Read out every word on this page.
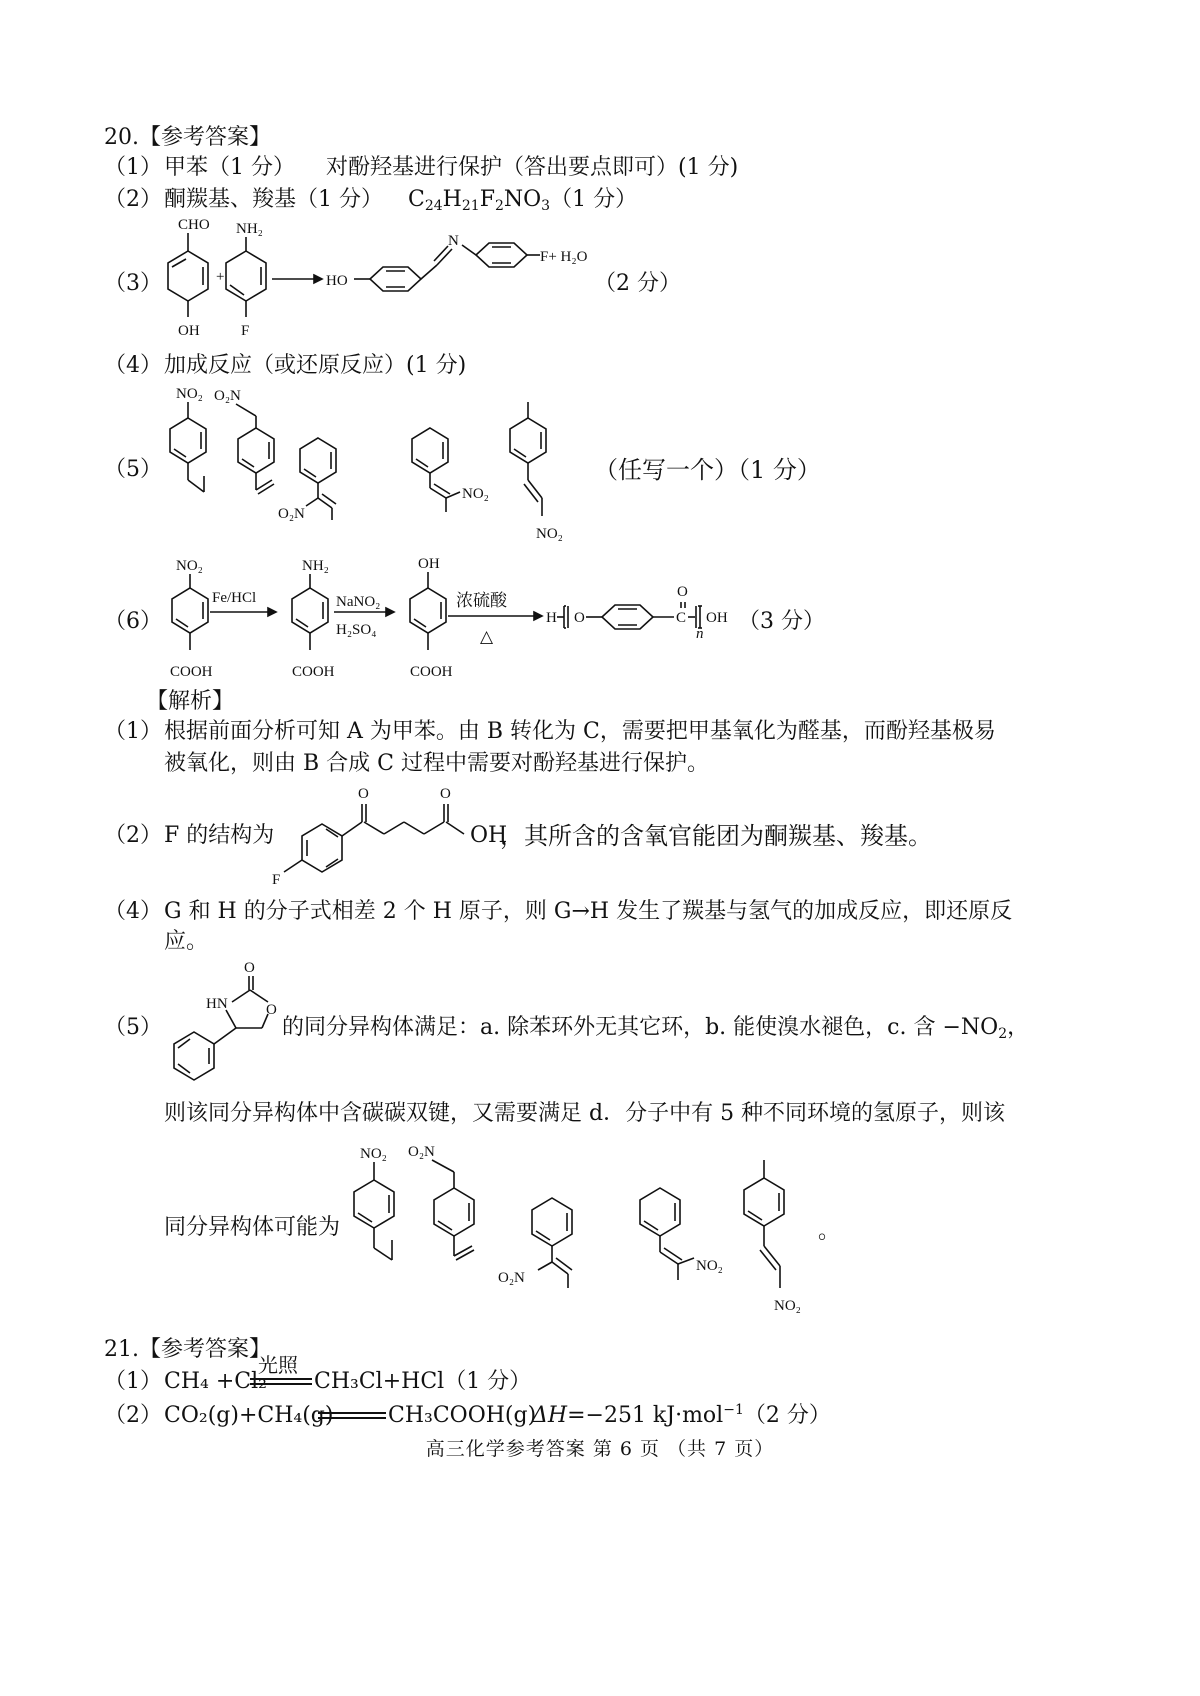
20.【参考答案】
（1） 甲苯（1 分） 对酚羟基进行保护（答出要点即可）(1 分)
（2） 酮羰基、羧基（1 分） $C_{24}H_{21}F_2NO_3(1$ 分）
（3）
CHO
OH
+
NH₂
F
HO
N
F+ H₂O
（2 分）
（4） 加成反应（或还原反应）(1 分)
（5）
NO₂ O₂N
O₂N
NO₂
NO₂
（任写一个）（1 分）
（6）
NO₂
COOH
Fe/HCl
NH₂
COOH
NaNO₂
H₂SO₄
OH
COOH
浓硫酸
△
H O	C
O
n
OH （3 分）
【解析】
（1） 根据前面分析可知 A 为甲苯。由 B 转化为 C，需要把甲基氧化为醛基，而酚羟基极易
被氧化，则由 B 合成 C 过程中需要对酚羟基进行保护。
（2） F 的结构为
F
O	O
OH
，其所含的含氧官能团为酮羰基、羧基。
（4） G 和 H 的分子式相差 2 个 H 原子，则 G→H 发生了羰基与氢气的加成反应，即还原反
应。
（5）
O
HN	O
的同分异构体满足：a. 除苯环外无其它环，b. 能使溴水褪色，c. 含 $-NO_2$，
则该同分异构体中含碳碳双键，又需要满足 d．分子中有 5 种不同环境的氢原子，则该
同分异构体可能为
NO₂ O₂N
O₂N
NO₂
NO₂
。
21.【参考答案】
（1） CH₄ +Cl₂
光照
CH₃Cl+HCl（1 分）
（2） CO₂(g)+CH₄(g) CH₃COOH(g)
ΔH=−251 kJ·mol$^{-1}$（2 分）
高三化学参考答案 第 6 页 （共 7 页）
